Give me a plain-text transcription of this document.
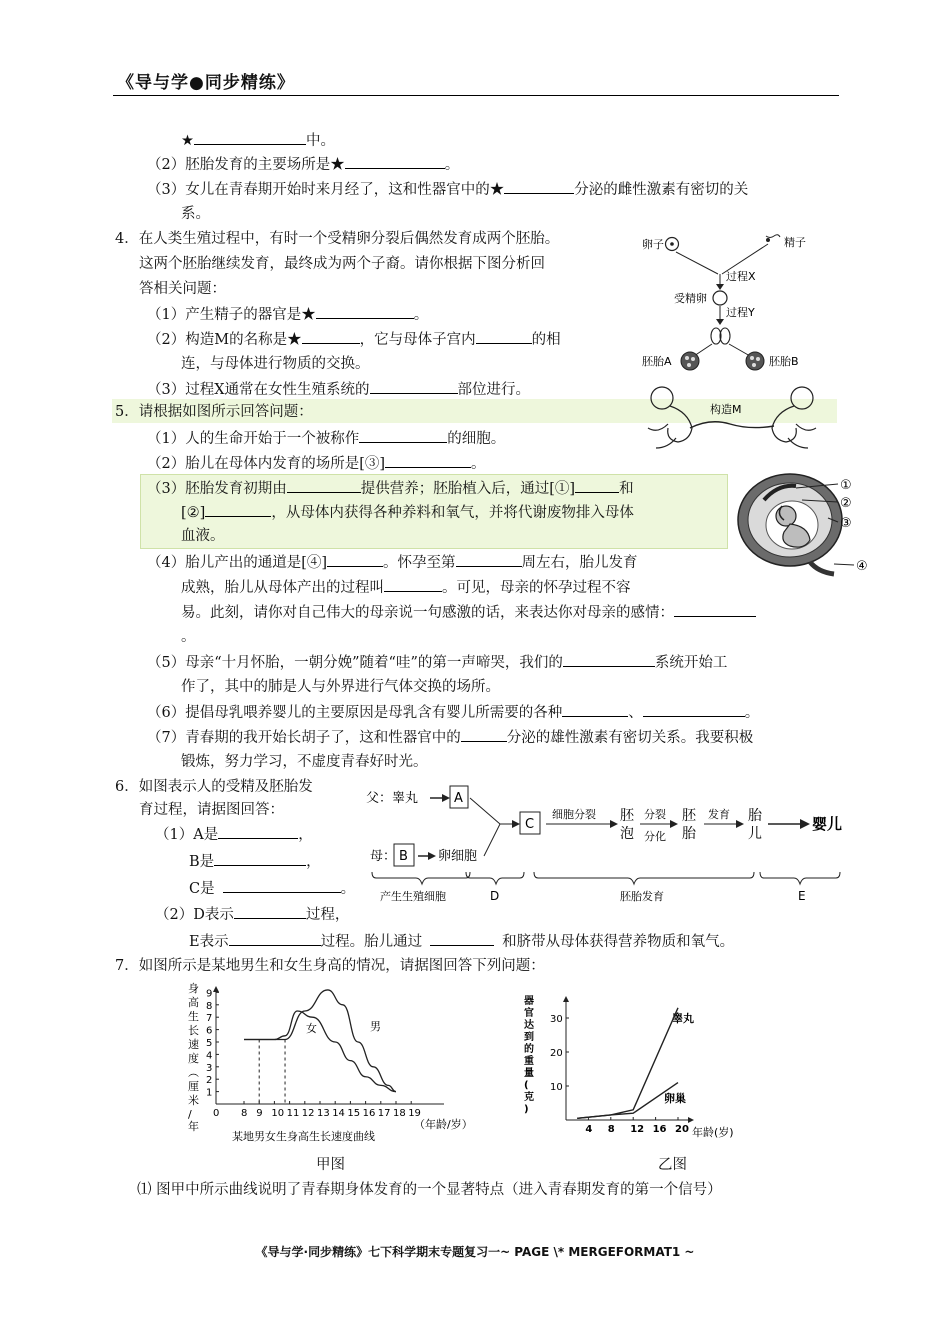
《导与学●同步精练》
★	中。
（2）胚胎发育的主要场所是★	。
（3）女儿在青春期开始时来月经了，这和性器官中的★	分泌的雌性激素有密切的关
系。
4．在人类生殖过程中，有时一个受精卵分裂后偶然发育成两个胚胎。
这两个胚胎继续发育，最终成为两个子裔。请你根据下图分析回
答相关问题：
（1）产生精子的器官是★	。
（2）构造M的名称是★	，它与母体子宫内	的相
连，与母体进行物质的交换。
（3）过程X通常在女性生殖系统的	部位进行。
卵子	精子
过程X
受精卵
过程Y
胚胎A	胚胎B
构造M
5．请根据如图所示回答问题：
（1）人的生命开始于一个被称作	的细胞。
（2）胎儿在母体内发育的场所是[③]	。
（3）胚胎发育初期由	提供营养；胚胎植入后，通过[①]	和
[②]	，从母体内获得各种养料和氧气，并将代谢废物排入母体
血液。
（4）胎儿产出的通道是[④]	。怀孕至第	周左右，胎儿发育
成熟，胎儿从母体产出的过程叫	。可见，母亲的怀孕过程不容
易。此刻，请你对自己伟大的母亲说一句感激的话，来表达你对母亲的感情：
。
（5）母亲“十月怀胎，一朝分娩”随着“哇”的第一声啼哭，我们的	系统开始工
作了，其中的肺是人与外界进行气体交换的场所。
（6）提倡母乳喂养婴儿的主要原因是母乳含有婴儿所需要的各种	、	。
（7）青春期的我开始长胡子了，这和性器官中的	分泌的雄性激素有密切关系。我要积极
锻炼，努力学习，不虚度青春好时光。
①
②
③
④
6．如图表示人的受精及胚胎发
育过程，请据图回答：
（1）A是	，
B是	，
C是	。
（2）D表示	过程，
E表示	过程。胎儿通过	和脐带从母体获得营养物质和氧气。
父：睾丸	A
母： B 卵细胞
C
细胞分裂 胚
泡
分裂
分化
胚
胎
发育 胎
儿
婴儿
产生生殖细胞	D	胚胎发育	E
7．如图所示是某地男生和女生身高的情况，请据图回答下列问题：
身
高
生
长
速
度
︵
厘
米
/
年
0 8 9 10 11 12 13 14 15 16 17 18 19
1
2
3
4
5
6
7
8
9
女	男
（年龄/岁）
某地男女生身高生长速度曲线
器
官
达
到
的
重
量
(
克
)
4 8 12 16 20
10
20
30	睾丸
卵巢
年龄(岁)
甲图	乙图
⑴ 图甲中所示曲线说明了青春期身体发育的一个显著特点（进入青春期发育的第一个信号）
《导与学·同步精练》七下科学期末专题复习一~ PAGE \* MERGEFORMAT1 ~
